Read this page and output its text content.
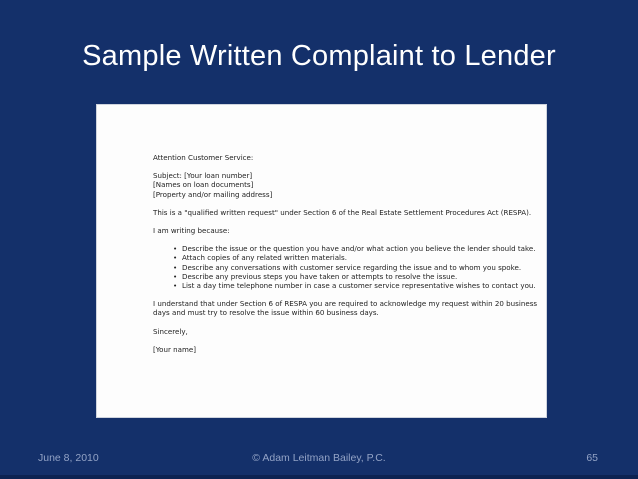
Sample Written Complaint to Lender

Attention Customer Service:

Subject: [Your loan number]

[Names on loan documents]

[Property and/or mailing address]

This is a "qualified written request" under Section 6 of the Real Estate Settlement Procedures Act (RESPA).

I am writing because:

• Describe the issue or the question you have and/or what action you believe the lender should take.
• Attach copies of any related written materials.
• Describe any conversations with customer service regarding the issue and to whom you spoke.
• Describe any previous steps you have taken or attempts to resolve the issue.
• List a day time telephone number in case a customer service representative wishes to contact you.

I understand that under Section 6 of RESPA you are required to acknowledge my request within 20 business days and must try to resolve the issue within 60 business days.

Sincerely,

[Your name]

June 8, 2010	© Adam Leitman Bailey, P.C.	65
